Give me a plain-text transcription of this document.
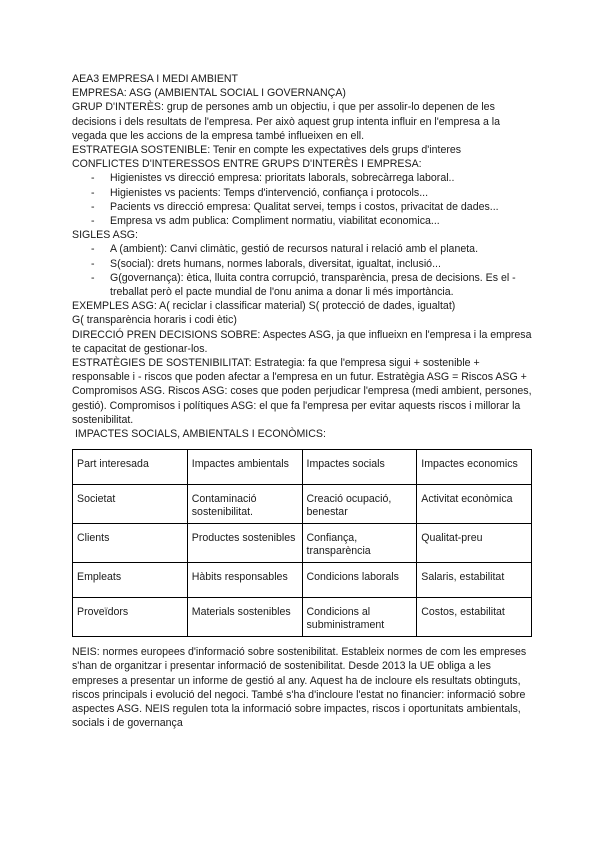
AEA3 EMPRESA I MEDI AMBIENT

EMPRESA: ASG (AMBIENTAL SOCIAL I GOVERNANÇA)

GRUP D'INTERÈS: grup de persones amb un objectiu, i que per assolir-lo depenen de les decisions i dels resultats de l'empresa. Per això aquest grup intenta influir en l'empresa a la vegada que les accions de la empresa també influeixen en ell.

ESTRATEGIA SOSTENIBLE: Tenir en compte les expectatives dels grups d'interes

CONFLICTES D'INTERESSOS ENTRE GRUPS D'INTERÈS I EMPRESA:

- Higienistes vs direcció empresa: prioritats laborals, sobrecàrrega laboral..
- Higienistes vs pacients: Temps d'intervenció, confiança i protocols...
- Pacients vs direcció empresa: Qualitat servei, temps i costos, privacitat de dades...
- Empresa vs adm publica: Compliment normatiu, viabilitat economica...

SIGLES ASG:

- A (ambient): Canvi climàtic, gestió de recursos natural i relació amb el planeta.
- S(social): drets humans, normes laborals, diversitat, igualtat, inclusió...
- G(governança): ètica, lluita contra corrupció, transparència, presa de decisions. Es el - treballat però el pacte mundial de l'onu anima a donar li més importància.

EXEMPLES ASG: A( reciclar i classificar material) S( protecció de dades, igualtat)

G( transparència horaris i codi ètic)

DIRECCIÓ PREN DECISIONS SOBRE: Aspectes ASG, ja que influeixn en l'empresa i la empresa te capacitat de gestionar-los.

ESTRATÈGIES DE SOSTENIBILITAT: Estrategia: fa que l'empresa sigui + sostenible + responsable i - riscos que poden afectar a l'empresa en un futur. Estratègia ASG = Riscos ASG + Compromisos ASG. Riscos ASG: coses que poden perjudicar l'empresa (medi ambient, persones, gestió). Compromisos i polítiques ASG: el que fa l'empresa per evitar aquests riscos i millorar la sostenibilitat.

IMPACTES SOCIALS, AMBIENTALS I ECONÒMICS:

Part interesada	Impactes ambientals	Impactes socials	Impactes economics
Societat	Contaminació sostenibilitat.	Creació ocupació, benestar	Activitat econòmica
Clients	Productes sostenibles	Confiança, transparència	Qualitat-preu
Empleats	Hàbits responsables	Condicions laborals	Salaris, estabilitat
Proveïdors	Materials sostenibles	Condicions al subministrament	Costos, estabilitat

NEIS: normes europees d'informació sobre sostenibilitat. Estableix normes de com les empreses s'han de organitzar i presentar informació de sostenibilitat. Desde 2013 la UE obliga a les empreses a presentar un informe de gestió al any. Aquest ha de incloure els resultats obtinguts, riscos principals i evolució del negoci. També s'ha d'incloure l'estat no financier: informació sobre aspectes ASG. NEIS regulen tota la informació sobre impactes, riscos i oportunitats ambientals, socials i de governança
